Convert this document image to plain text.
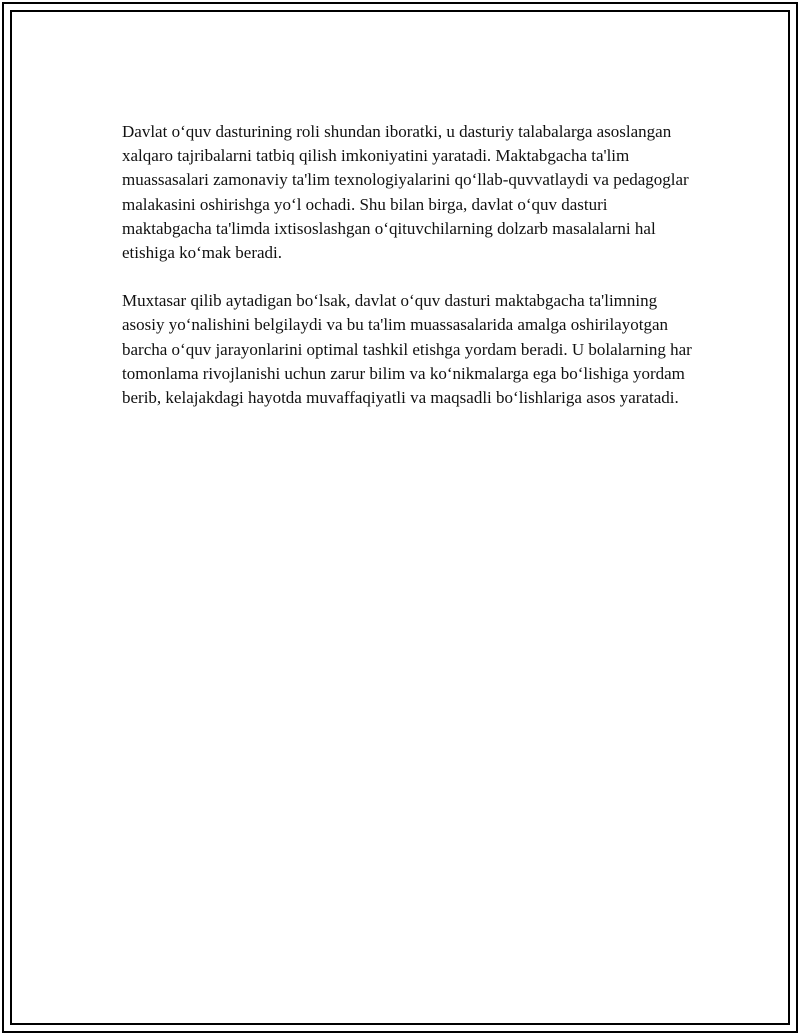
Davlat o‘quv dasturining roli shundan iboratki, u dasturiy talabalarga asoslangan xalqaro tajribalarni tatbiq qilish imkoniyatini yaratadi. Maktabgacha ta'lim muassasalari zamonaviy ta'lim texnologiyalarini qo‘llab-quvvatlaydi va pedagoglar malakasini oshirishga yo‘l ochadi. Shu bilan birga, davlat o‘quv dasturi maktabgacha ta'limda ixtisoslashgan o‘qituvchilarning dolzarb masalalarni hal etishiga ko‘mak beradi.

Muxtasar qilib aytadigan bo‘lsak, davlat o‘quv dasturi maktabgacha ta'limning asosiy yo‘nalishini belgilaydi va bu ta'lim muassasalarida amalga oshirilayotgan barcha o‘quv jarayonlarini optimal tashkil etishga yordam beradi. U bolalarning har tomonlama rivojlanishi uchun zarur bilim va ko‘nikmalarga ega bo‘lishiga yordam berib, kelajakdagi hayotda muvaffaqiyatli va maqsadli bo‘lishlariga asos yaratadi.
